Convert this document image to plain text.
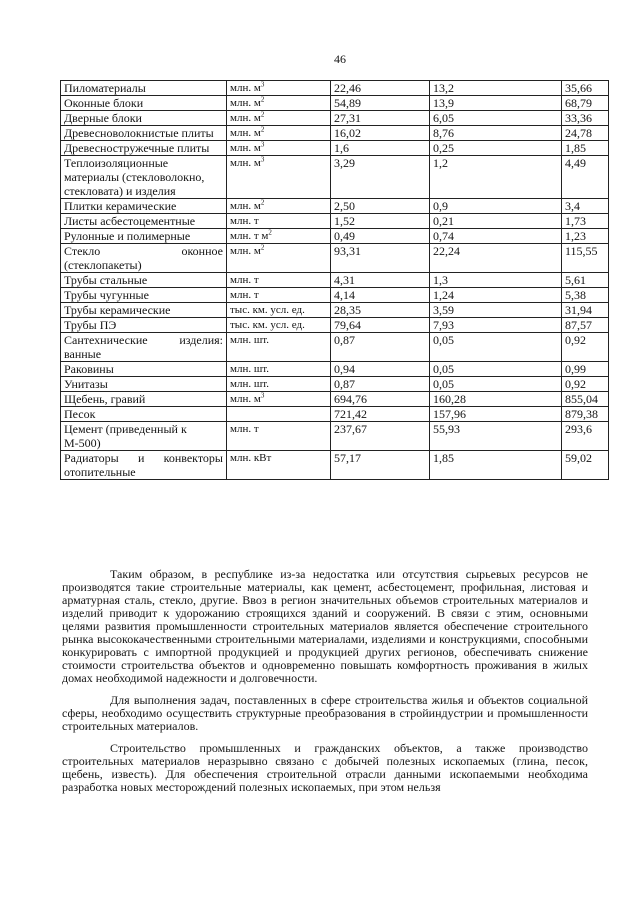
46
Пиломатериалы	млн. $м^3$	22,46	13,2	35,66
Оконные блоки	млн. $м^2$	54,89	13,9	68,79
Дверные блоки	млн. $м^2$	27,31	6,05	33,36
Древесноволокнистые плиты	млн. $м^2$	16,02	8,76	24,78
Древесностружечные плиты	млн. $м^3$	1,6	0,25	1,85
Теплоизоляционные материалы (стекловолокно, стекловата) и изделия	млн. $м^3$	3,29	1,2	4,49
Плитки керамические	млн. $м^2$	2,50	0,9	3,4
Листы асбестоцементные	млн. т	1,52	0,21	1,73
Рулонные и полимерные	млн. т $м^2$	0,49	0,74	1,23
Стекло оконное (стеклопакеты)	млн. $м^2$	93,31	22,24	115,55
Трубы стальные	млн. т	4,31	1,3	5,61
Трубы чугунные	млн. т	4,14	1,24	5,38
Трубы керамические	тыс. км. усл. ед.	28,35	3,59	31,94
Трубы ПЭ	тыс. км. усл. ед.	79,64	7,93	87,57
Сантехнические изделия: ванные	млн. шт.	0,87	0,05	0,92
Раковины	млн. шт.	0,94	0,05	0,99
Унитазы	млн. шт.	0,87	0,05	0,92
Щебень, гравий	млн. $м^3$	694,76	160,28	855,04
Песок		721,42	157,96	879,38
Цемент (приведенный к М-500)	млн. т	237,67	55,93	293,6
Радиаторы и конвекторы отопительные	млн. кВт	57,17	1,85	59,02

Таким образом, в республике из-за недостатка или отсутствия сырьевых ресурсов не производятся такие строительные материалы, как цемент, асбестоцемент, профильная, листовая и арматурная сталь, стекло, другие. Ввоз в регион значительных объемов строительных материалов и изделий приводит к удорожанию строящихся зданий и сооружений. В связи с этим, основными целями развития промышленности строительных материалов является обеспечение строительного рынка высококачественными строительными материалами, изделиями и конструкциями, способными конкурировать с импортной продукцией и продукцией других регионов, обеспечивать снижение стоимости строительства объектов и одновременно повышать комфортность проживания в жилых домах необходимой надежности и долговечности.

Для выполнения задач, поставленных в сфере строительства жилья и объектов социальной сферы, необходимо осуществить структурные преобразования в стройиндустрии и промышленности строительных материалов.

Строительство промышленных и гражданских объектов, а также производство строительных материалов неразрывно связано с добычей полезных ископаемых (глина, песок, щебень, известь). Для обеспечения строительной отрасли данными ископаемыми необходима разработка новых месторождений полезных ископаемых, при этом нельзя
